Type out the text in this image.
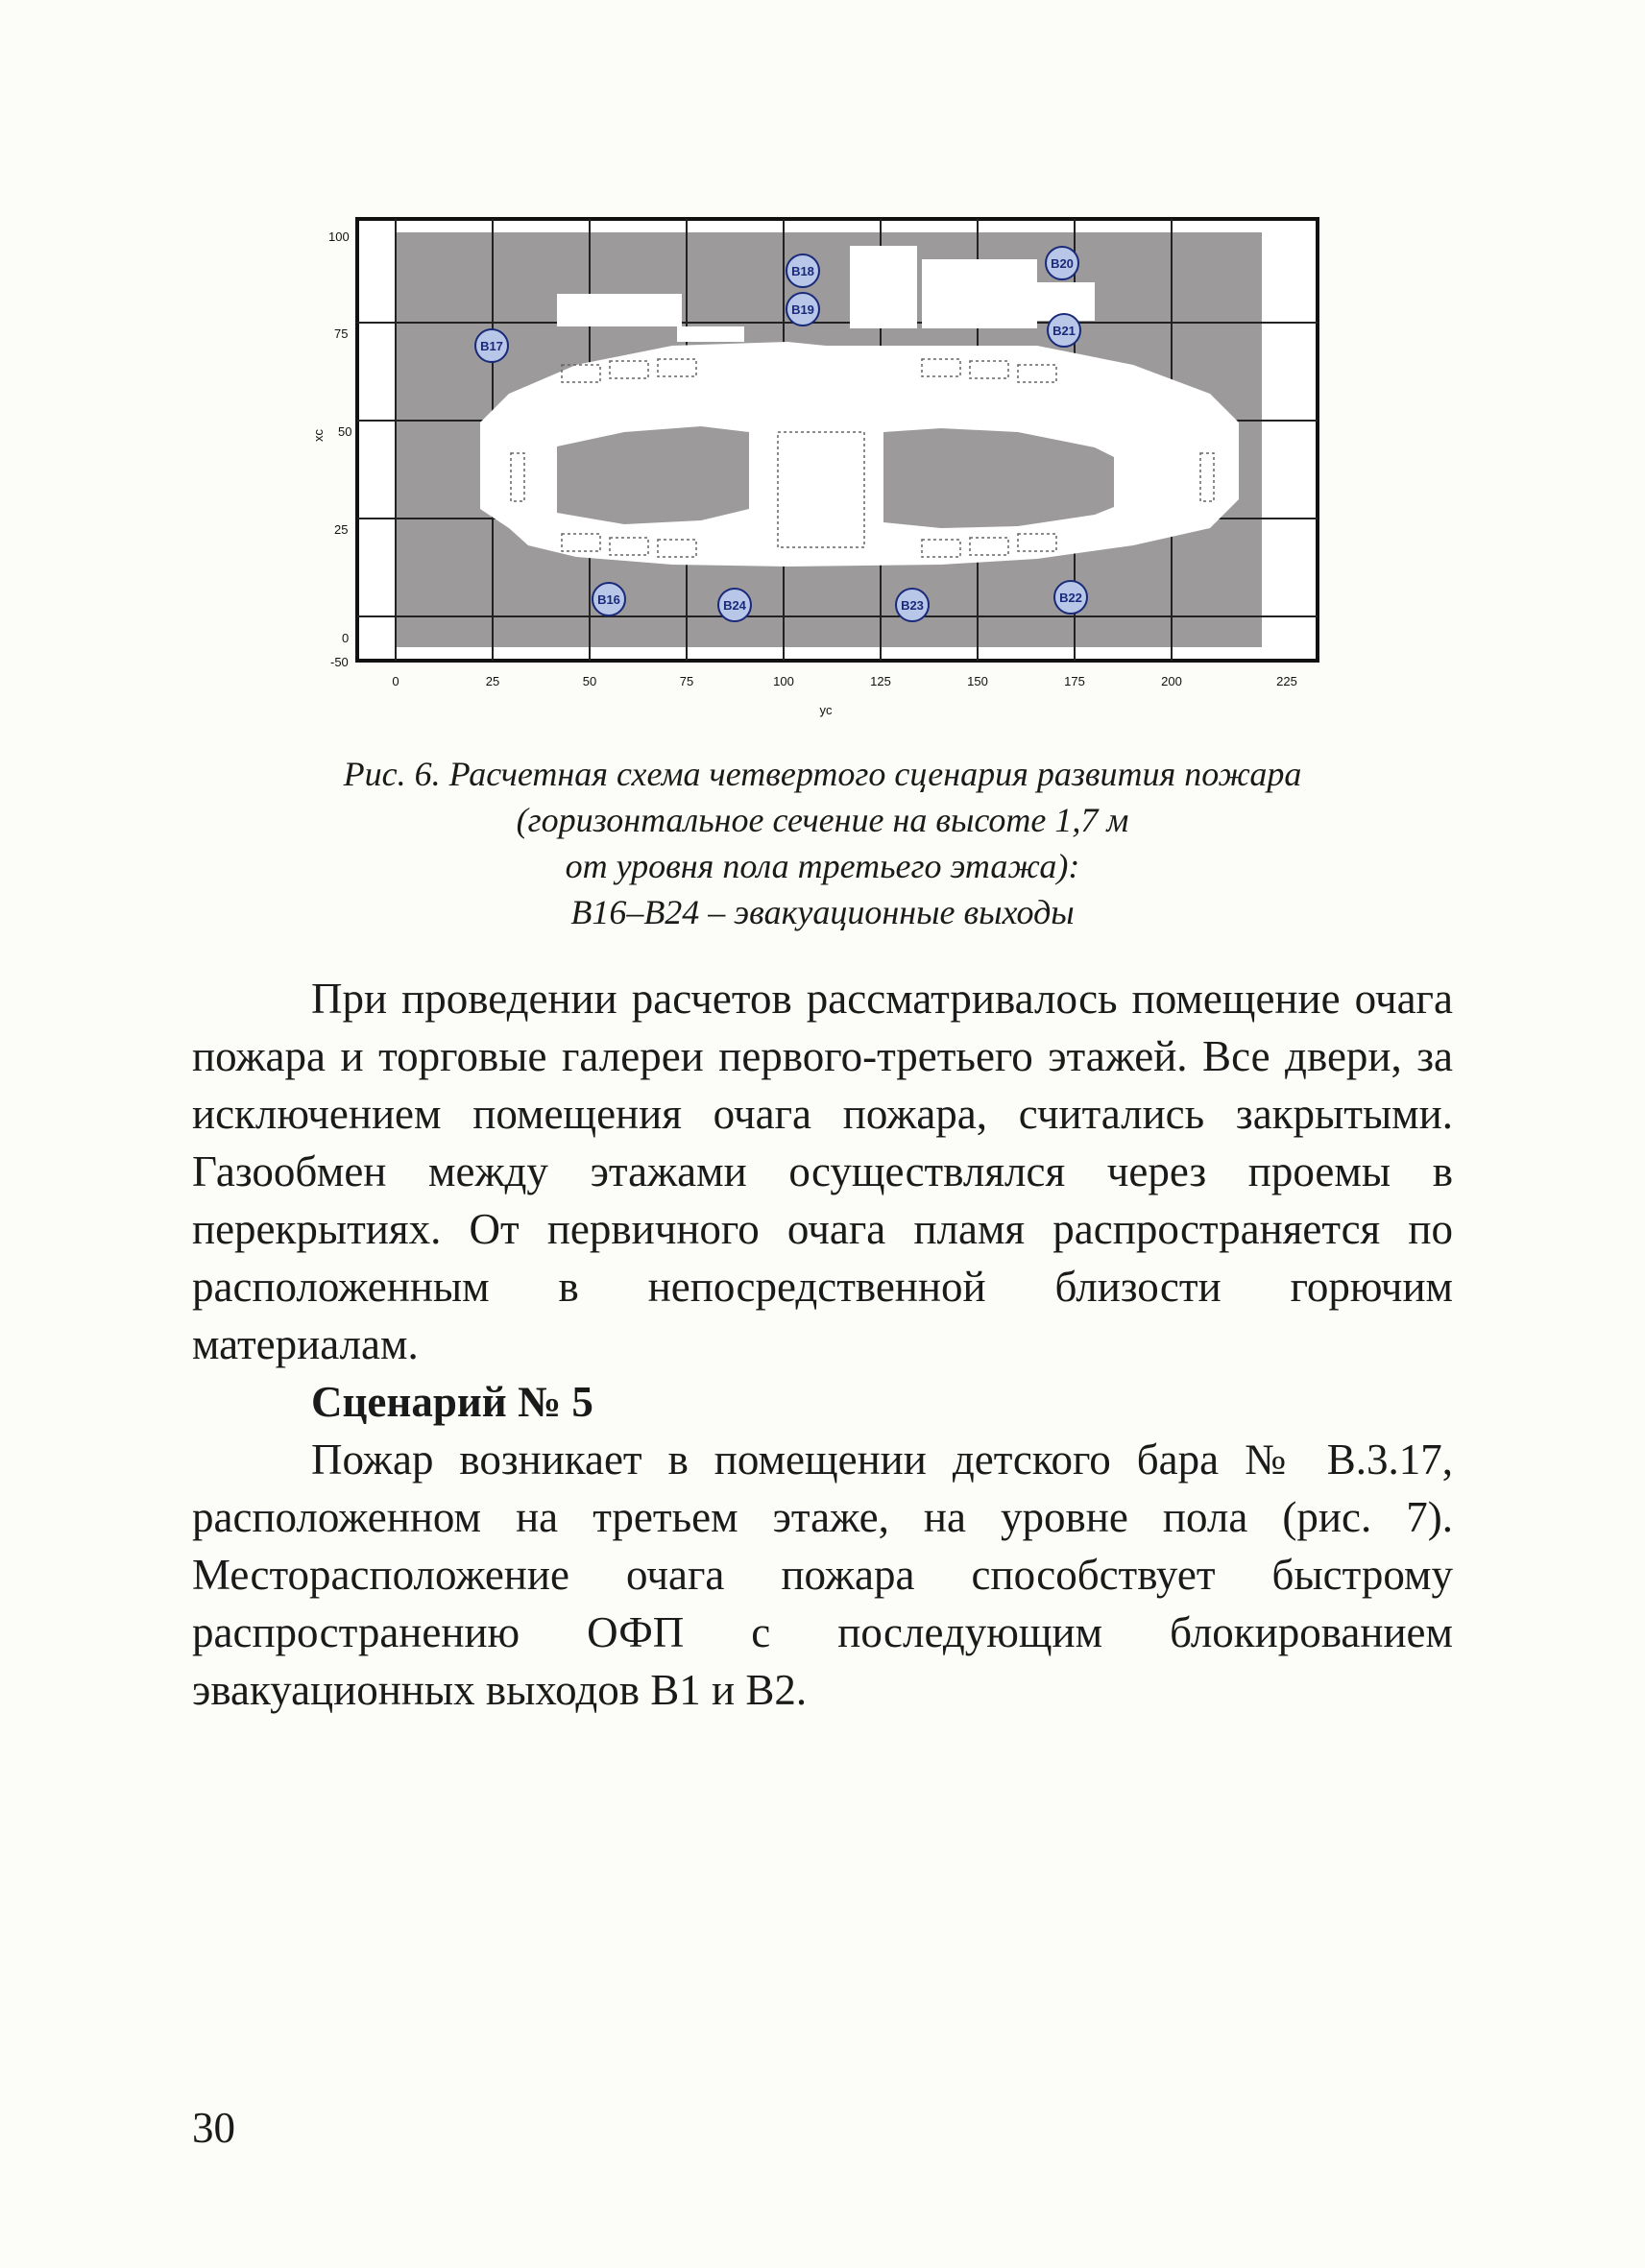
B18
B19
B20
B21
B17
B16	B24	B23
B22
100
75
25
0
-50
50
xc
0	25	50	75	100	125	150	175	200	225
yc
Рис. 6. Расчетная схема четвертого сценария развития пожара
(горизонтальное сечение на высоте 1,7 м
от уровня пола третьего этажа):
В16–В24 – эвакуационные выходы

При проведении расчетов рассматривалось помещение очага пожара и торговые галереи первого-третьего этажей. Все двери, за исключением помещения очага пожара, считались закрытыми. Газообмен между этажами осуществлялся через проемы в перекрытиях. От первичного очага пламя распространяется по расположенным в непосредственной близости горючим материалам.

Сценарий № 5

Пожар возникает в помещении детского бара № В.3.17, расположенном на третьем этаже, на уровне пола (рис. 7). Месторасположение очага пожара способствует быстрому распространению ОФП с последующим блокированием эвакуационных выходов В1 и В2.

30
